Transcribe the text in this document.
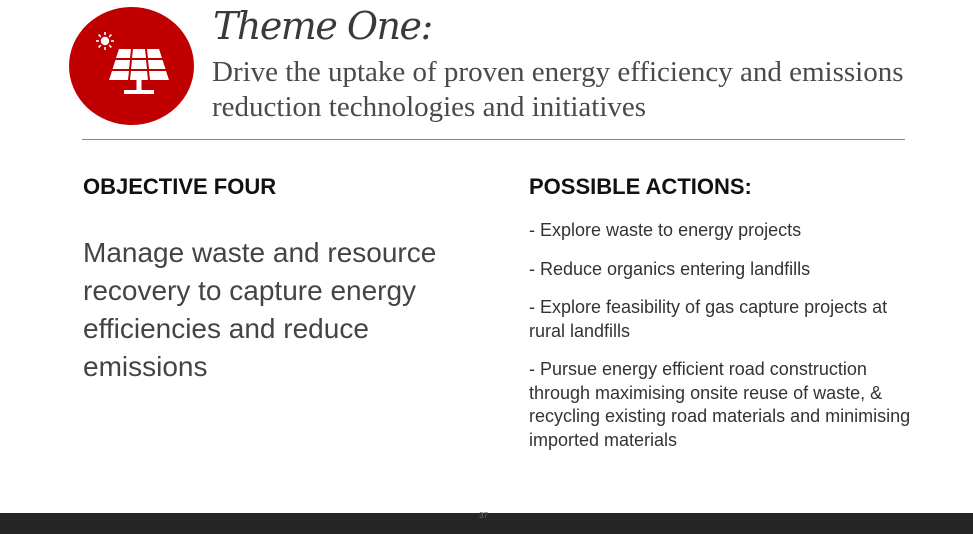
Theme One:
Drive the uptake of proven energy efficiency and emissions reduction technologies and initiatives
OBJECTIVE FOUR
Manage waste and resource recovery to capture energy efficiencies and reduce emissions
POSSIBLE ACTIONS:
- Explore waste to energy projects
- Reduce organics entering landfills
- Explore feasibility of gas capture projects at rural landfills
- Pursue energy efficient road construction through maximising onsite reuse of waste, & recycling existing road materials and minimising imported materials
37
